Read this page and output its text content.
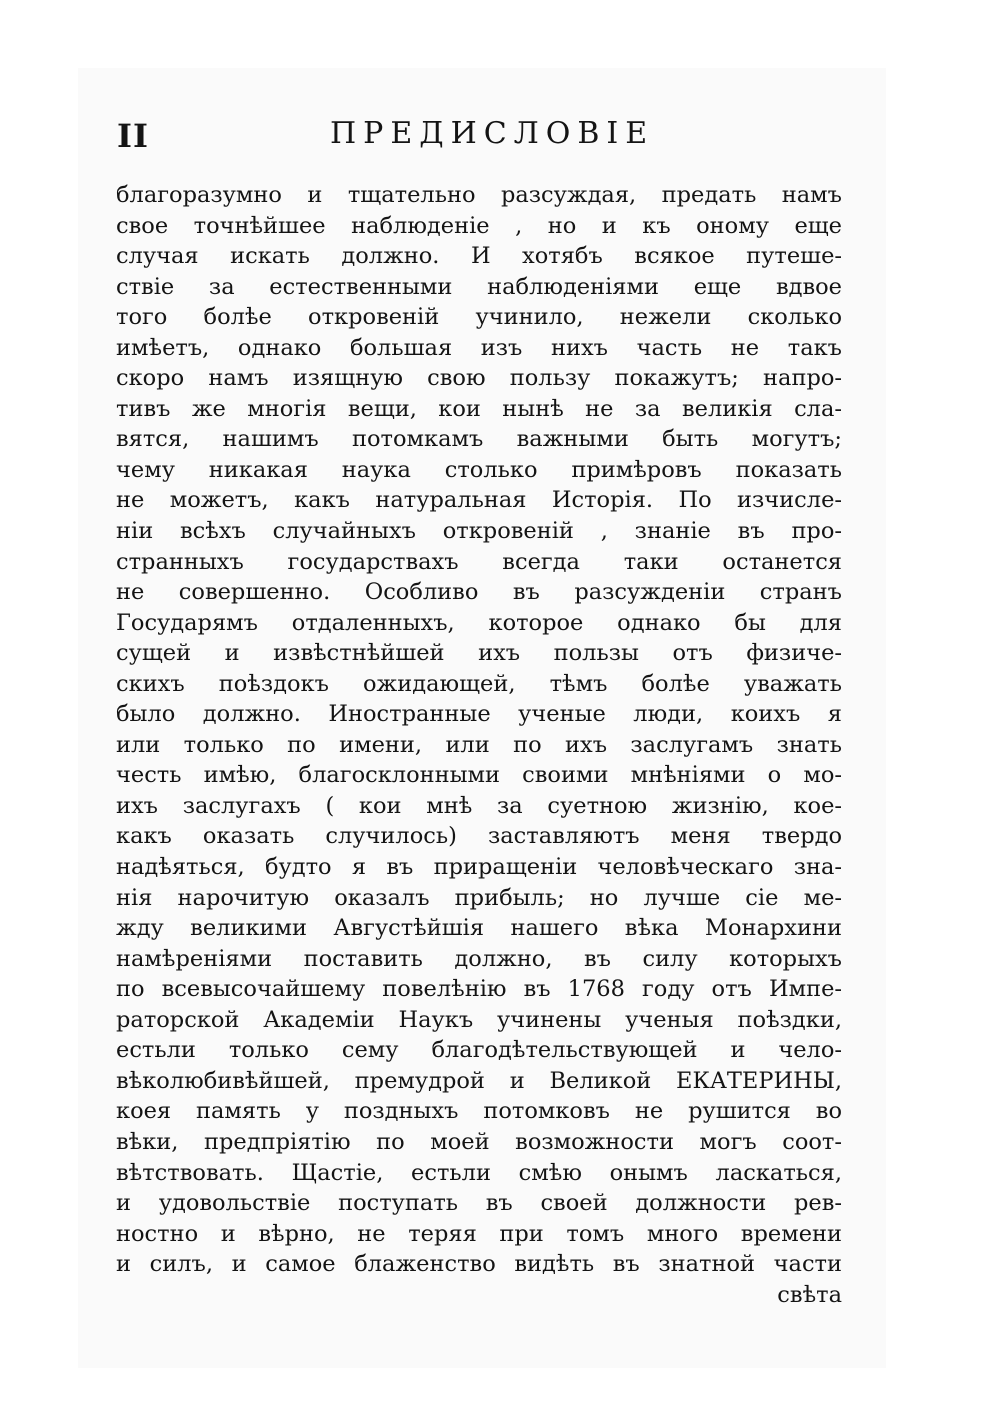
II	ПРЕДИСЛОВІЕ
благоразумно и тщательно разсуждая, предать намъ
свое точнѣйшее наблюденіе , но и къ оному еще
случая искать должно. И хотябъ всякое путеше-
ствіе за естественными наблюденіями еще вдвое
того болѣе откровеній учинило, нежели сколько
имѣетъ, однако большая изъ нихъ часть не такъ
скоро намъ изящную свою пользу покажутъ; напро-
тивъ же многія вещи, кои нынѣ не за великія сла-
вятся, нашимъ потомкамъ важными быть могутъ;
чему никакая наука столько примѣровъ показать
не можетъ, какъ натуральная Исторія. По изчисле-
ніи всѣхъ случайныхъ откровеній , знаніе въ про-
странныхъ государствахъ всегда таки останется
не совершенно. Особливо въ разсужденіи странъ
Государямъ отдаленныхъ, которое однако бы для
сущей и извѣстнѣйшей ихъ пользы отъ физиче-
скихъ поѣздокъ ожидающей, тѣмъ болѣе уважать
было должно. Иностранные ученые люди, коихъ я
или только по имени, или по ихъ заслугамъ знать
честь имѣю, благосклонными своими мнѣніями о мо-
ихъ заслугахъ ( кои мнѣ за суетною жизнію, кое-
какъ оказать случилось) заставляютъ меня твердо
надѣяться, будто я въ приращеніи человѣческаго зна-
нія нарочитую оказалъ прибыль; но лучше сіе ме-
жду великими Августѣйшія нашего вѣка Монархини
намѣреніями поставить должно, въ силу которыхъ
по всевысочайшему повелѣнію въ 1768 году отъ Импе-
раторской Академіи Наукъ учинены ученыя поѣздки,
естьли только сему благодѣтельствующей и чело-
вѣколюбивѣйшей, премудрой и Великой ЕКАТЕРИНЫ,
коея память у поздныхъ потомковъ не рушится во
вѣки, предпріятію по моей возможности могъ соот-
вѣтствовать. Щастіе, естьли смѣю онымъ ласкаться,
и удовольствіе поступать въ своей должности рев-
ностно и вѣрно, не теряя при томъ много времени
и силъ, и самое блаженство видѣть въ знатной части
свѣта
